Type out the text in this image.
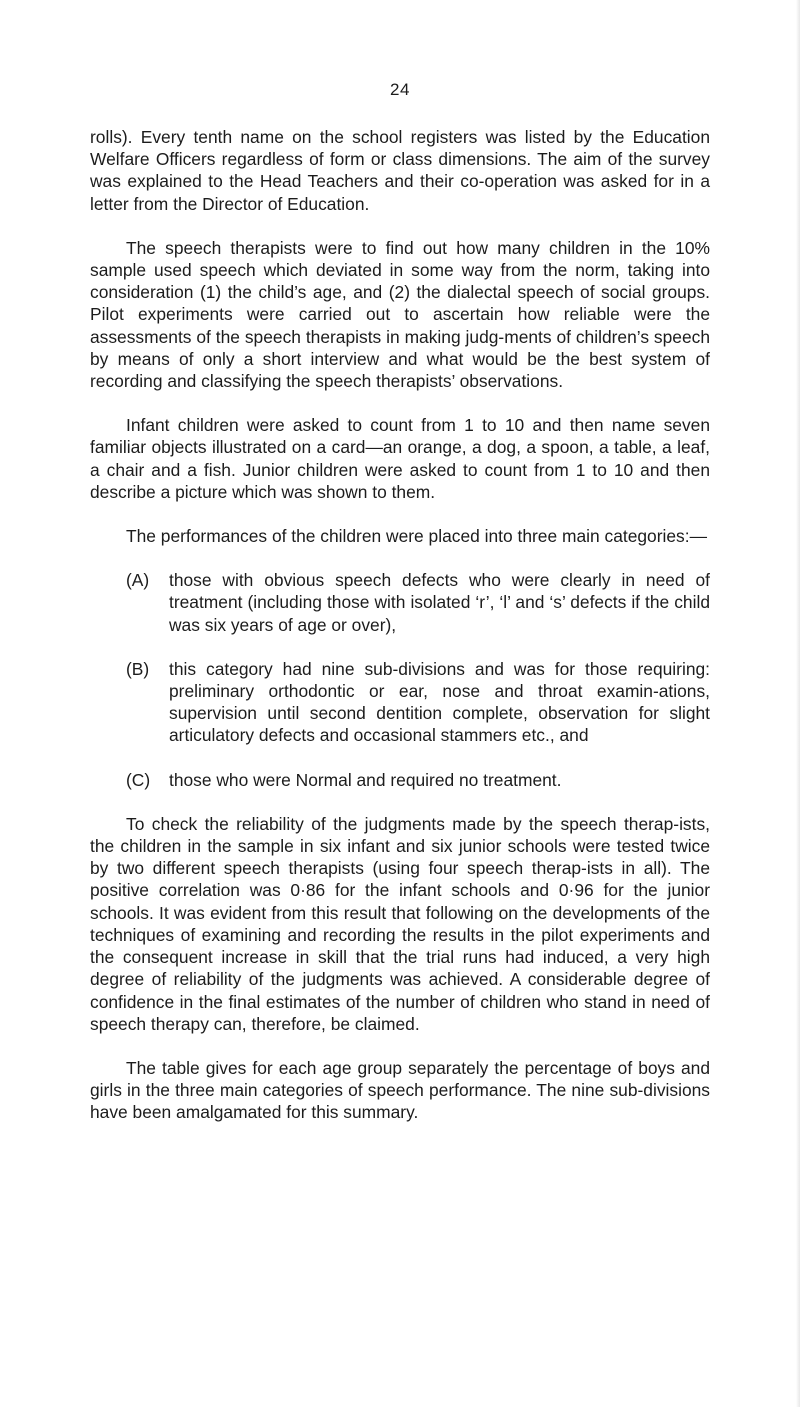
24

rolls). Every tenth name on the school registers was listed by the Education Welfare Officers regardless of form or class dimensions. The aim of the survey was explained to the Head Teachers and their co-operation was asked for in a letter from the Director of Education.

The speech therapists were to find out how many children in the 10% sample used speech which deviated in some way from the norm, taking into consideration (1) the child’s age, and (2) the dialectal speech of social groups. Pilot experiments were carried out to ascertain how reliable were the assessments of the speech therapists in making judg-ments of children’s speech by means of only a short interview and what would be the best system of recording and classifying the speech therapists’ observations.

Infant children were asked to count from 1 to 10 and then name seven familiar objects illustrated on a card—an orange, a dog, a spoon, a table, a leaf, a chair and a fish. Junior children were asked to count from 1 to 10 and then describe a picture which was shown to them.

The performances of the children were placed into three main categories:—

(A)	those with obvious speech defects who were clearly in need of treatment (including those with isolated ‘r’, ‘l’ and ‘s’ defects if the child was six years of age or over),
(B)	this category had nine sub-divisions and was for those requiring: preliminary orthodontic or ear, nose and throat examin-ations, supervision until second dentition complete, observation for slight articulatory defects and occasional stammers etc., and
(C)	those who were Normal and required no treatment.

To check the reliability of the judgments made by the speech therap-ists, the children in the sample in six infant and six junior schools were tested twice by two different speech therapists (using four speech therap-ists in all). The positive correlation was 0·86 for the infant schools and 0·96 for the junior schools. It was evident from this result that following on the developments of the techniques of examining and recording the results in the pilot experiments and the consequent increase in skill that the trial runs had induced, a very high degree of reliability of the judgments was achieved. A considerable degree of confidence in the final estimates of the number of children who stand in need of speech therapy can, therefore, be claimed.

The table gives for each age group separately the percentage of boys and girls in the three main categories of speech performance. The nine sub-divisions have been amalgamated for this summary.
